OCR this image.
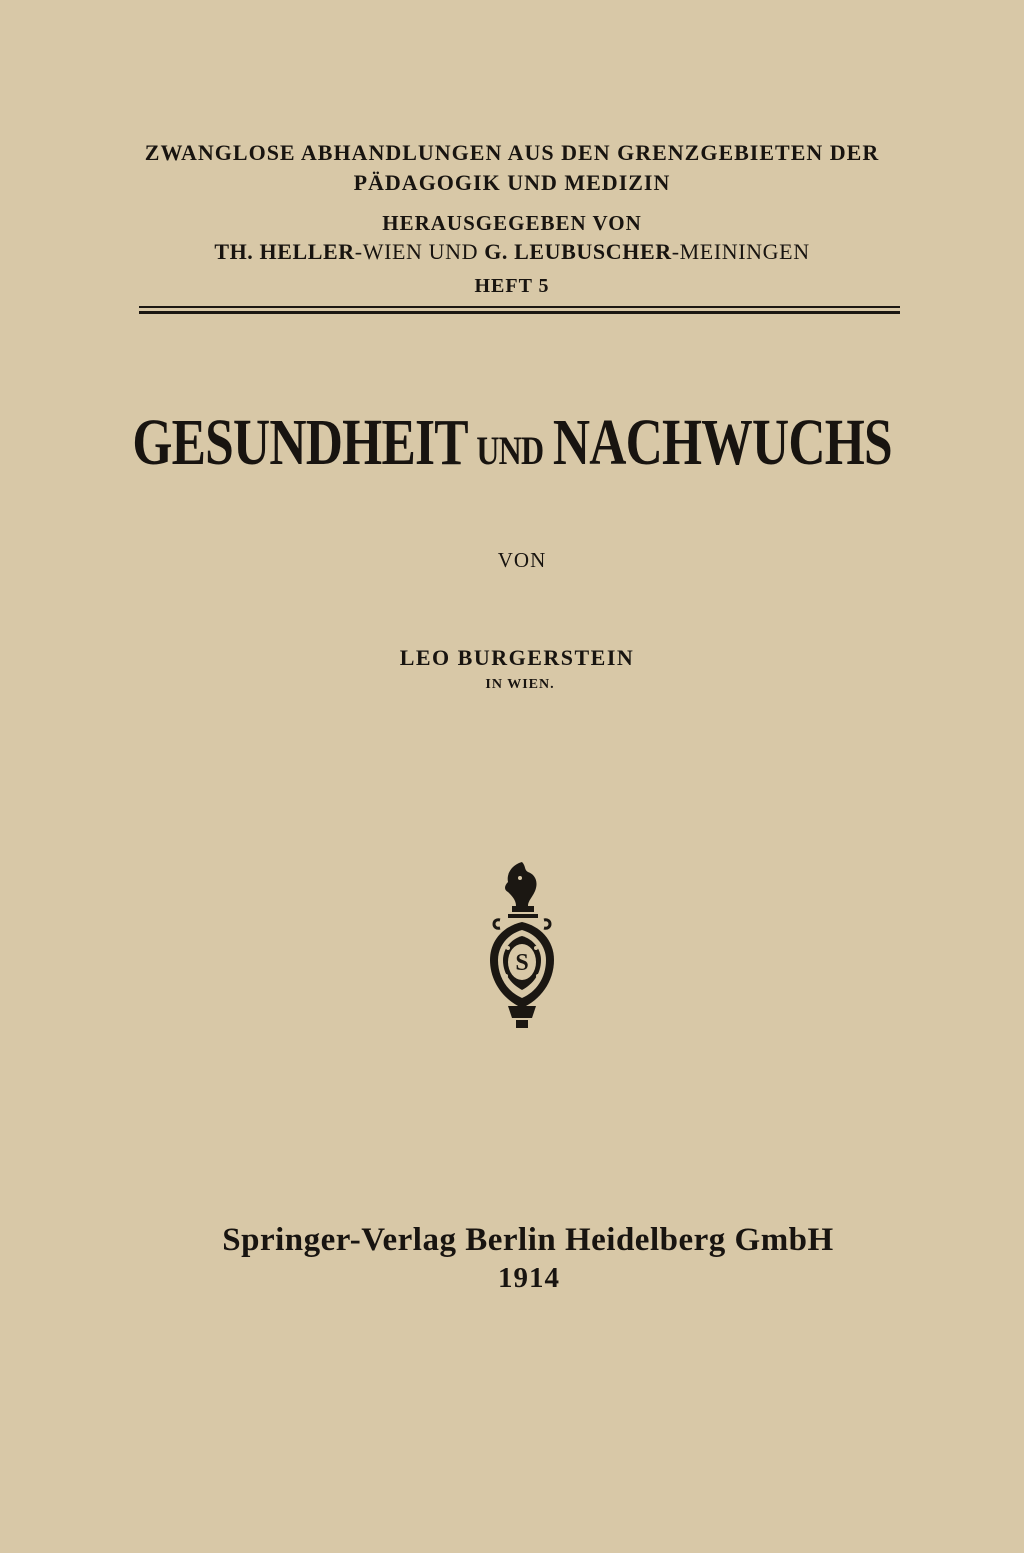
ZWANGLOSE ABHANDLUNGEN AUS DEN GRENZGEBIETEN DER
PÄDAGOGIK UND MEDIZIN
HERAUSGEGEBEN VON
TH. HELLER-WIEN UND G. LEUBUSCHER-MEININGEN
HEFT 5
GESUNDHEIT UND NACHWUCHS
VON
LEO BURGERSTEIN
IN WIEN.
S
Springer-Verlag Berlin Heidelberg GmbH
1914
